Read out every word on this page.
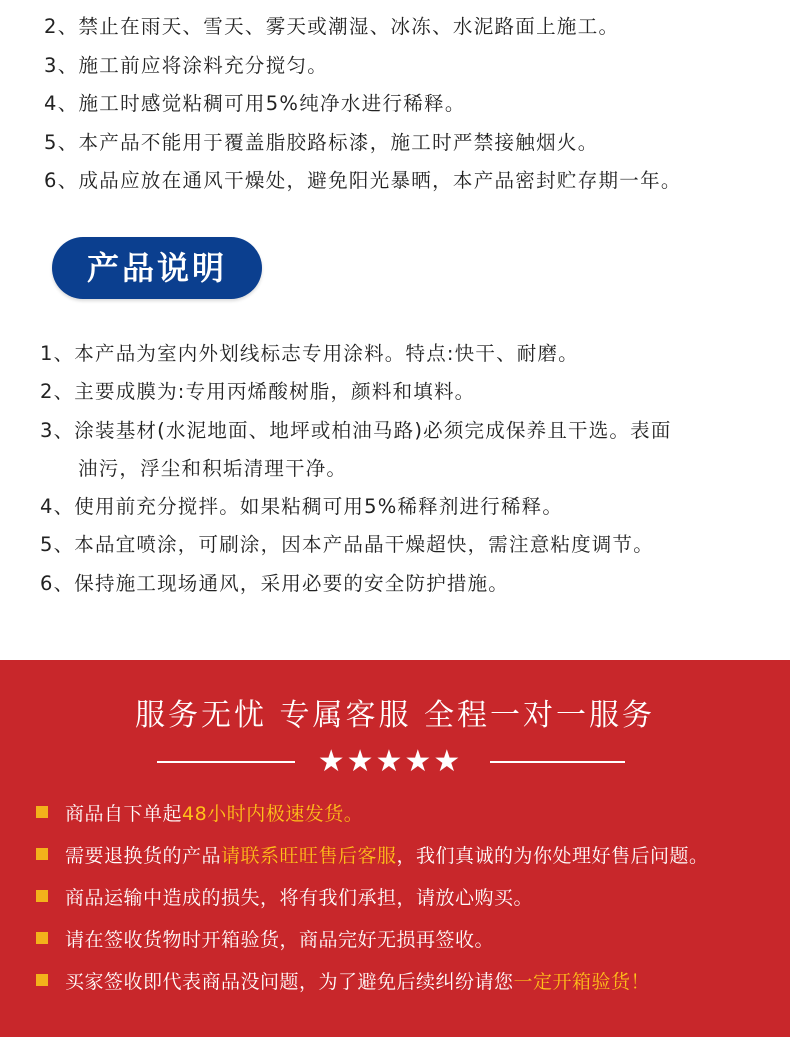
2、禁止在雨天、雪天、雾天或潮湿、冰冻、水泥路面上施工。
3、施工前应将涂料充分搅匀。
4、施工时感觉粘稠可用5%纯净水进行稀释。
5、本产品不能用于覆盖脂胶路标漆，施工时严禁接触烟火。
6、成品应放在通风干燥处，避免阳光暴晒，本产品密封贮存期一年。
产品说明
1、本产品为室内外划线标志专用涂料。特点:快干、耐磨。
2、主要成膜为:专用丙烯酸树脂，颜料和填料。
3、涂装基材(水泥地面、地坪或柏油马路)必须完成保养且干选。表面
油污，浮尘和积垢清理干净。
4、使用前充分搅拌。如果粘稠可用5%稀释剂进行稀释。
5、本品宜喷涂，可刷涂，因本产品晶干燥超快，需注意粘度调节。
6、保持施工现场通风，采用必要的安全防护措施。
服务无忧 专属客服 全程一对一服务
★★★★★
商品自下单起48小时内极速发货。
需要退换货的产品请联系旺旺售后客服，我们真诚的为你处理好售后问题。
商品运输中造成的损失，将有我们承担，请放心购买。
请在签收货物时开箱验货，商品完好无损再签收。
买家签收即代表商品没问题，为了避免后续纠纷请您一定开箱验货！
